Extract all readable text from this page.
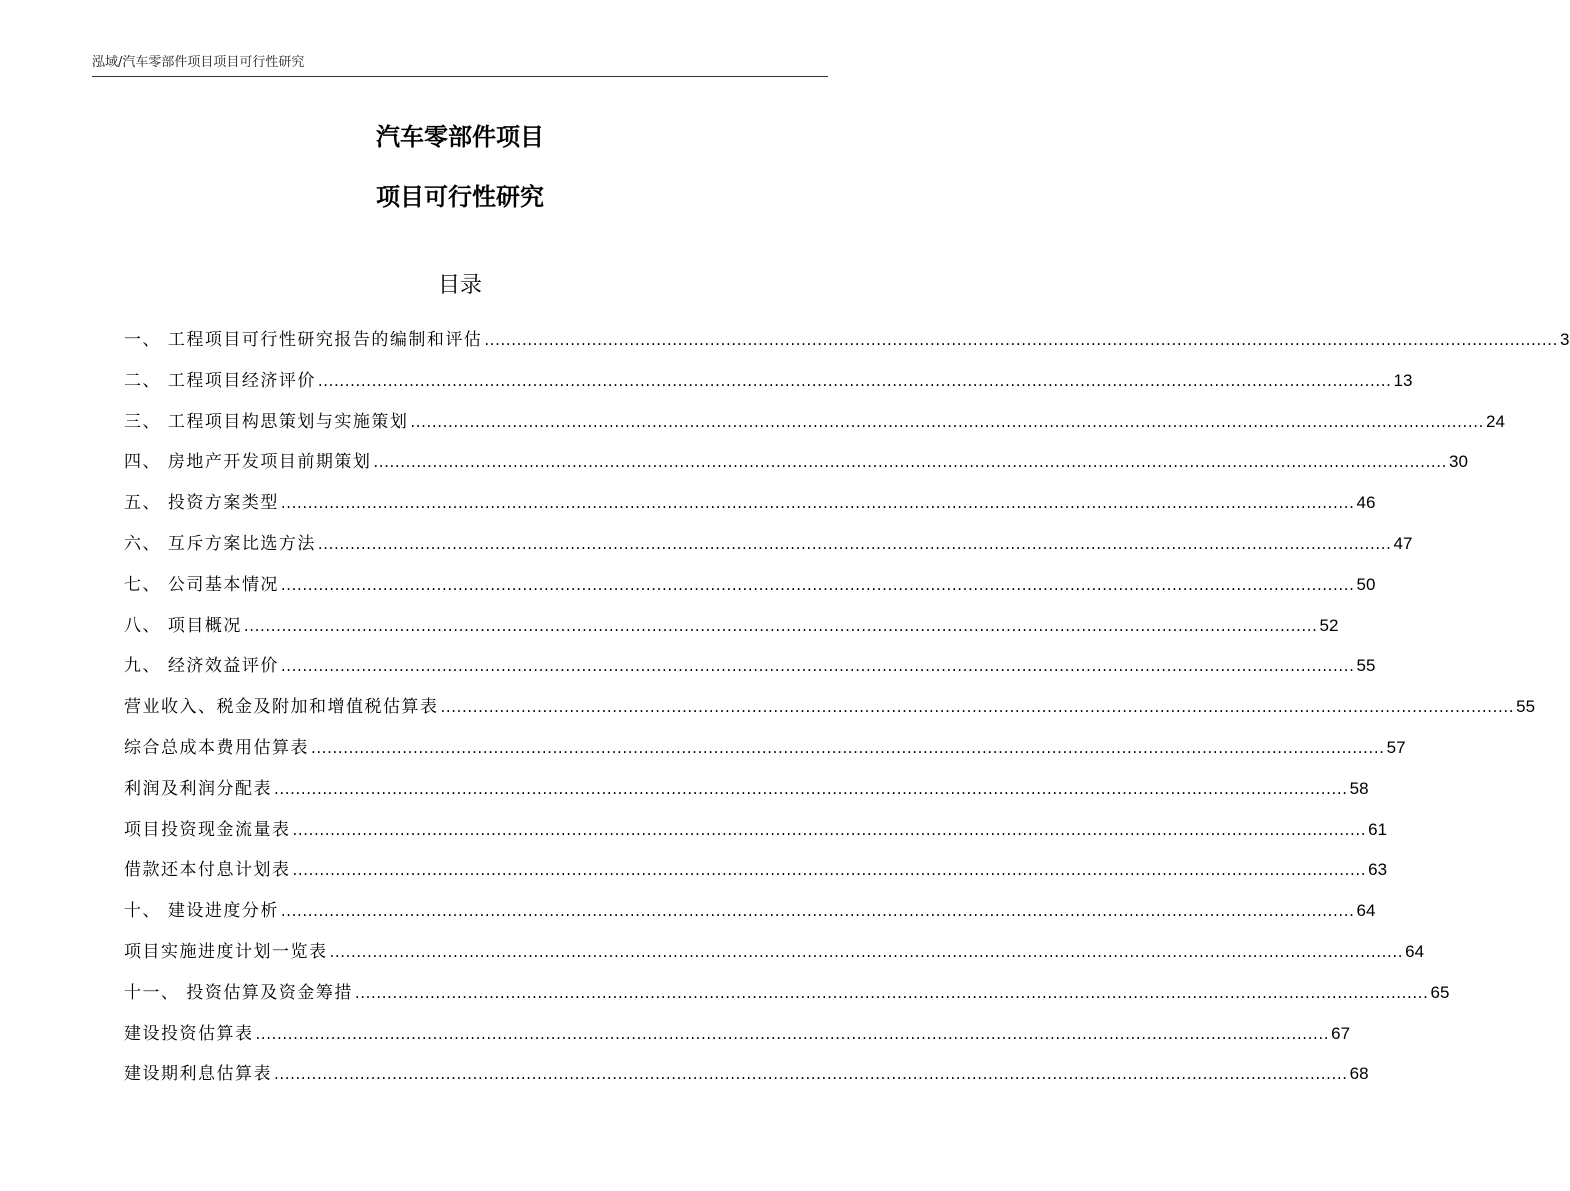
泓域/汽车零部件项目项目可行性研究
汽车零部件项目
项目可行性研究
目录
一、 工程项目可行性研究报告的编制和评估 ........................................................................................................................................................................................................ 3
二、 工程项目经济评价 ........................................................................................................................................................................................................ 13
三、 工程项目构思策划与实施策划 ........................................................................................................................................................................................................ 24
四、 房地产开发项目前期策划 ........................................................................................................................................................................................................ 30
五、 投资方案类型 ........................................................................................................................................................................................................ 46
六、 互斥方案比选方法 ........................................................................................................................................................................................................ 47
七、 公司基本情况 ........................................................................................................................................................................................................ 50
八、 项目概况 ........................................................................................................................................................................................................ 52
九、 经济效益评价 ........................................................................................................................................................................................................ 55
营业收入、税金及附加和增值税估算表 ........................................................................................................................................................................................................ 55
综合总成本费用估算表 ........................................................................................................................................................................................................ 57
利润及利润分配表 ........................................................................................................................................................................................................ 58
项目投资现金流量表 ........................................................................................................................................................................................................ 61
借款还本付息计划表 ........................................................................................................................................................................................................ 63
十、 建设进度分析 ........................................................................................................................................................................................................ 64
项目实施进度计划一览表 ........................................................................................................................................................................................................ 64
十一、 投资估算及资金筹措 ........................................................................................................................................................................................................ 65
建设投资估算表 ........................................................................................................................................................................................................ 67
建设期利息估算表 ........................................................................................................................................................................................................ 68
